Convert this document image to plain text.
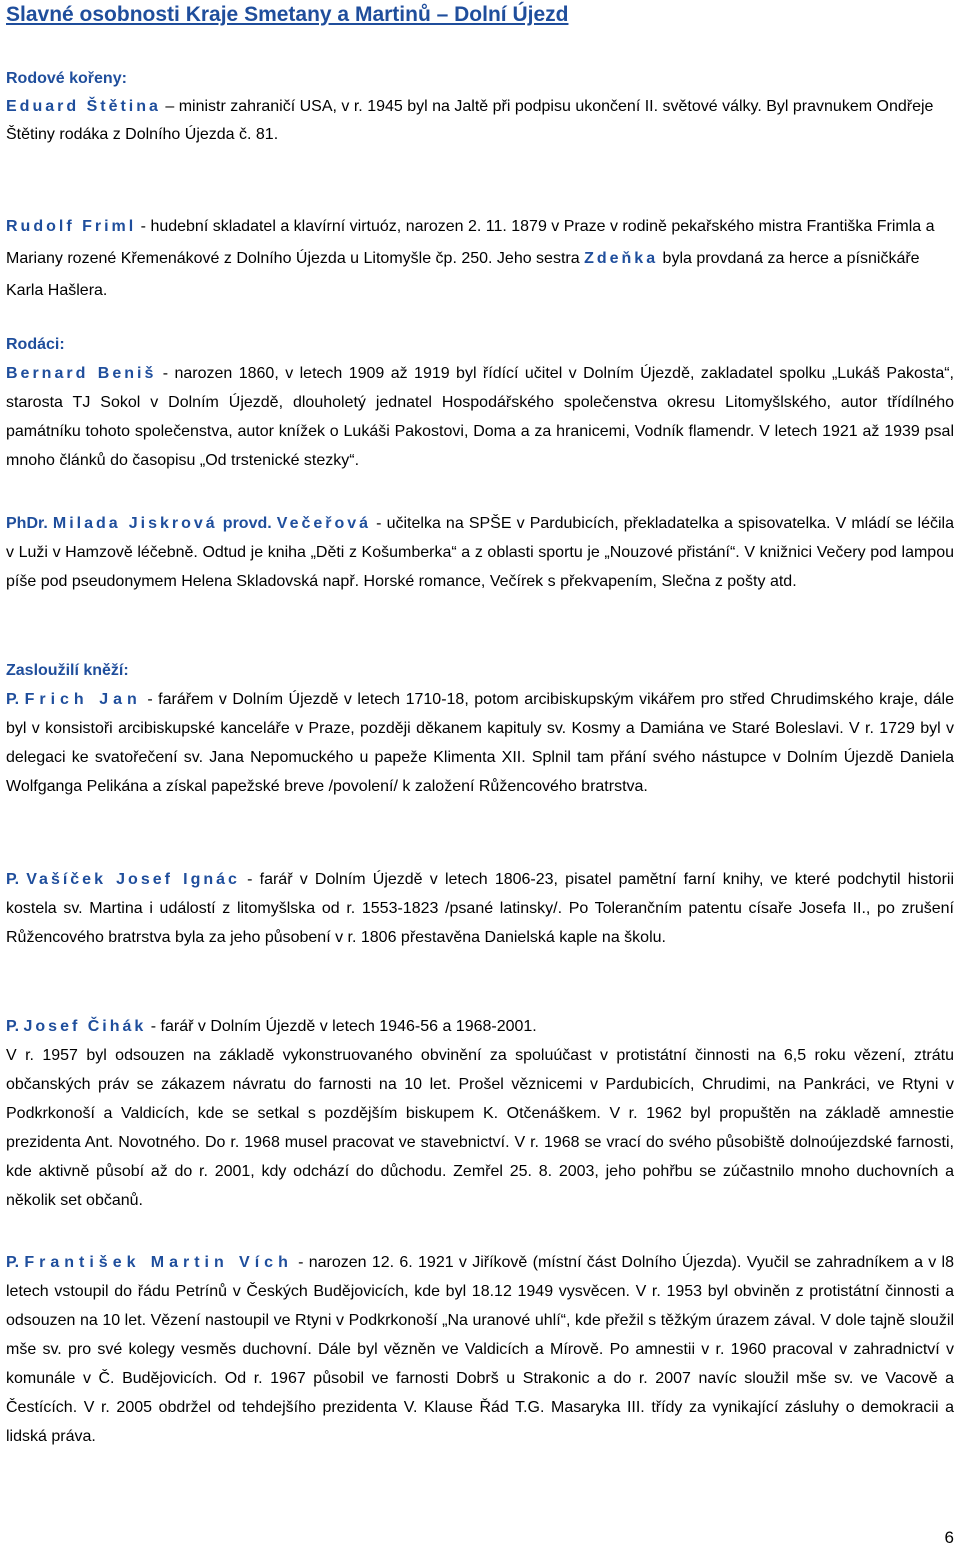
Slavné osobnosti Kraje Smetany a Martinů – Dolní Újezd
Rodové kořeny:

Eduard Štětina – ministr zahraničí USA, v r. 1945 byl na Jaltě při podpisu ukončení II. světové války. Byl pravnukem Ondřeje Štětiny rodáka z Dolního Újezda č. 81.

Rudolf Friml - hudební skladatel a klavírní virtuóz, narozen 2. 11. 1879 v Praze v rodině pekařského mistra Františka Frimla a Mariany rozené Křemenákové z Dolního Újezda u Litomyšle čp. 250. Jeho sestra Zdeňka byla provdaná za herce a písničkáře Karla Hašlera.

Rodáci:

Bernard Beniš - narozen 1860, v letech 1909 až 1919 byl řídící učitel v Dolním Újezdě, zakladatel spolku „Lukáš Pakosta“, starosta TJ Sokol v Dolním Újezdě, dlouholetý jednatel Hospodářského společenstva okresu Litomyšlského, autor třídílného památníku tohoto společenstva, autor knížek o Lukáši Pakostovi, Doma a za hranicemi, Vodník flamendr. V letech 1921 až 1939 psal mnoho článků do časopisu „Od trstenické stezky“.

PhDr. Milada Jiskrová provd. Večeřová - učitelka na SPŠE v Pardubicích, překladatelka a spisovatelka. V mládí se léčila v Luži v Hamzově léčebně. Odtud je kniha „Děti z Košumberka“ a z oblasti sportu je „Nouzové přistání“. V knižnici Večery pod lampou píše pod pseudonymem Helena Skladovská např. Horské romance, Večírek s překvapením, Slečna z pošty atd.

Zasloužilí kněží:

P. Frich Jan - farářem v Dolním Újezdě v letech 1710-18, potom arcibiskupským vikářem pro střed Chrudimského kraje, dále byl v konsistoři arcibiskupské kanceláře v Praze, později děkanem kapituly sv. Kosmy a Damiána ve Staré Boleslavi. V r. 1729 byl v delegaci ke svatořečení sv. Jana Nepomuckého u papeže Klimenta XII. Splnil tam přání svého nástupce v Dolním Újezdě Daniela Wolfganga Pelikána a získal papežské breve /povolení/ k založení Růžencového bratrstva.

P. Vašíček Josef Ignác - farář v Dolním Újezdě v letech 1806-23, pisatel pamětní farní knihy, ve které podchytil historii kostela sv. Martina i událostí z litomyšlska od r. 1553-1823 /psané latinsky/. Po Tolerančním patentu císaře Josefa II., po zrušení Růžencového bratrstva byla za jeho působení v r. 1806 přestavěna Danielská kaple na školu.

P. Josef Čihák - farář v Dolním Újezdě v letech 1946-56 a 1968-2001.

V r. 1957 byl odsouzen na základě vykonstruovaného obvinění za spoluúčast v protistátní činnosti na 6,5 roku vězení, ztrátu občanských práv se zákazem návratu do farnosti na 10 let. Prošel věznicemi v Pardubicích, Chrudimi, na Pankráci, ve Rtyni v Podkrkonoší a Valdicích, kde se setkal s pozdějším biskupem K. Otčenáškem. V r. 1962 byl propuštěn na základě amnestie prezidenta Ant. Novotného. Do r. 1968 musel pracovat ve stavebnictví. V r. 1968 se vrací do svého působiště dolnoújezdské farnosti, kde aktivně působí až do r. 2001, kdy odchází do důchodu. Zemřel 25. 8. 2003, jeho pohřbu se zúčastnilo mnoho duchovních a několik set občanů.

P. František Martin Vích - narozen 12. 6. 1921 v Jiříkově (místní část Dolního Újezda). Vyučil se zahradníkem a v l8 letech vstoupil do řádu Petrínů v Českých Budějovicích, kde byl 18.12 1949 vysvěcen. V r. 1953 byl obviněn z protistátní činnosti a odsouzen na 10 let. Vězení nastoupil ve Rtyni v Podkrkonoší „Na uranové uhlí“, kde přežil s těžkým úrazem zával. V dole tajně sloužil mše sv. pro své kolegy vesměs duchovní. Dále byl vězněn ve Valdicích a Mírově. Po amnestii v r. 1960 pracoval v zahradnictví v komunále v Č. Budějovicích. Od r. 1967 působil ve farnosti Dobrš u Strakonic a do r. 2007 navíc sloužil mše sv. ve Vacově a Čestících. V r. 2005 obdržel od tehdejšího prezidenta V. Klause Řád T.G. Masaryka III. třídy za vynikající zásluhy o demokracii a lidská práva.

6
